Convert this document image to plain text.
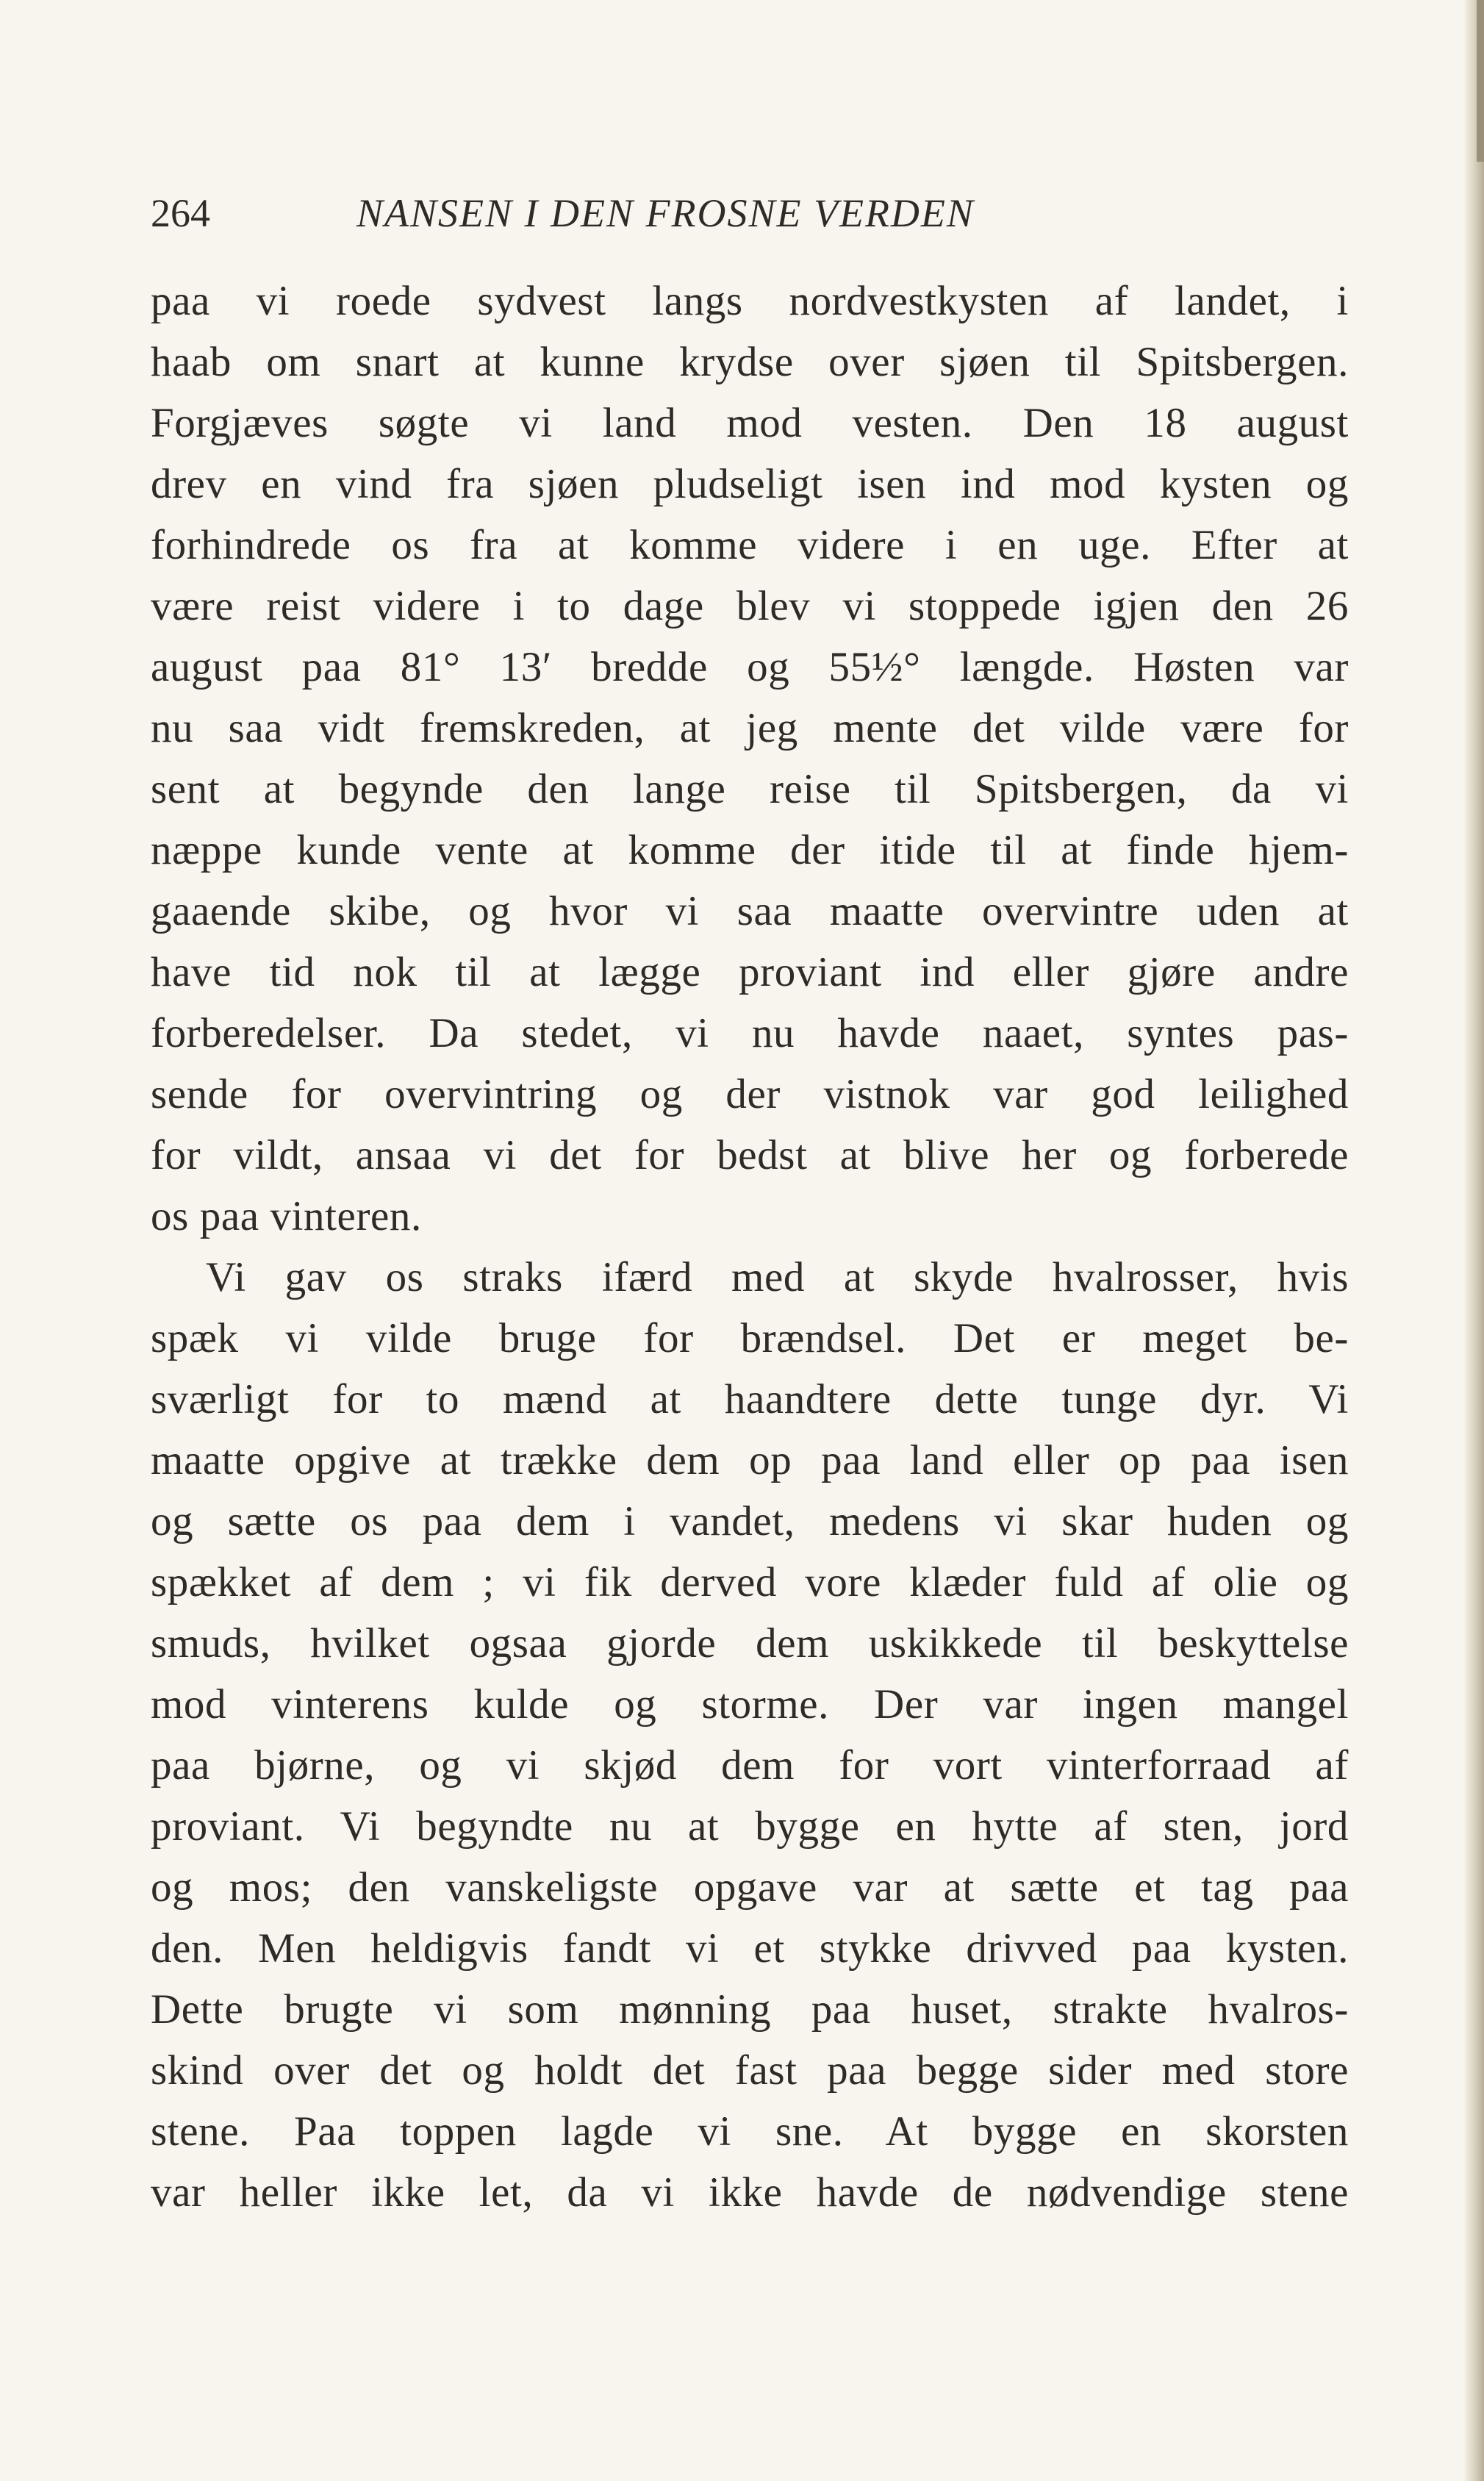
264	NANSEN I DEN FROSNE VERDEN
paa vi roede sydvest langs nordvestkysten af landet, i
haab om snart at kunne krydse over sjøen til Spitsbergen.
Forgjæves søgte vi land mod vesten. Den 18 august
drev en vind fra sjøen pludseligt isen ind mod kysten og
forhindrede os fra at komme videre i en uge. Efter at
være reist videre i to dage blev vi stoppede igjen den 26
august paa 81° 13′ bredde og 55½° længde. Høsten var
nu saa vidt fremskreden, at jeg mente det vilde være for
sent at begynde den lange reise til Spitsbergen, da vi
næppe kunde vente at komme der itide til at finde hjem-
gaaende skibe, og hvor vi saa maatte overvintre uden at
have tid nok til at lægge proviant ind eller gjøre andre
forberedelser. Da stedet, vi nu havde naaet, syntes pas-
sende for overvintring og der vistnok var god leilighed
for vildt, ansaa vi det for bedst at blive her og forberede
os paa vinteren.
Vi gav os straks ifærd med at skyde hvalrosser, hvis
spæk vi vilde bruge for brændsel. Det er meget be-
sværligt for to mænd at haandtere dette tunge dyr. Vi
maatte opgive at trække dem op paa land eller op paa isen
og sætte os paa dem i vandet, medens vi skar huden og
spækket af dem ; vi fik derved vore klæder fuld af olie og
smuds, hvilket ogsaa gjorde dem uskikkede til beskyttelse
mod vinterens kulde og storme. Der var ingen mangel
paa bjørne, og vi skjød dem for vort vinterforraad af
proviant. Vi begyndte nu at bygge en hytte af sten, jord
og mos; den vanskeligste opgave var at sætte et tag paa
den. Men heldigvis fandt vi et stykke drivved paa kysten.
Dette brugte vi som mønning paa huset, strakte hvalros-
skind over det og holdt det fast paa begge sider med store
stene. Paa toppen lagde vi sne. At bygge en skorsten
var heller ikke let, da vi ikke havde de nødvendige stene
